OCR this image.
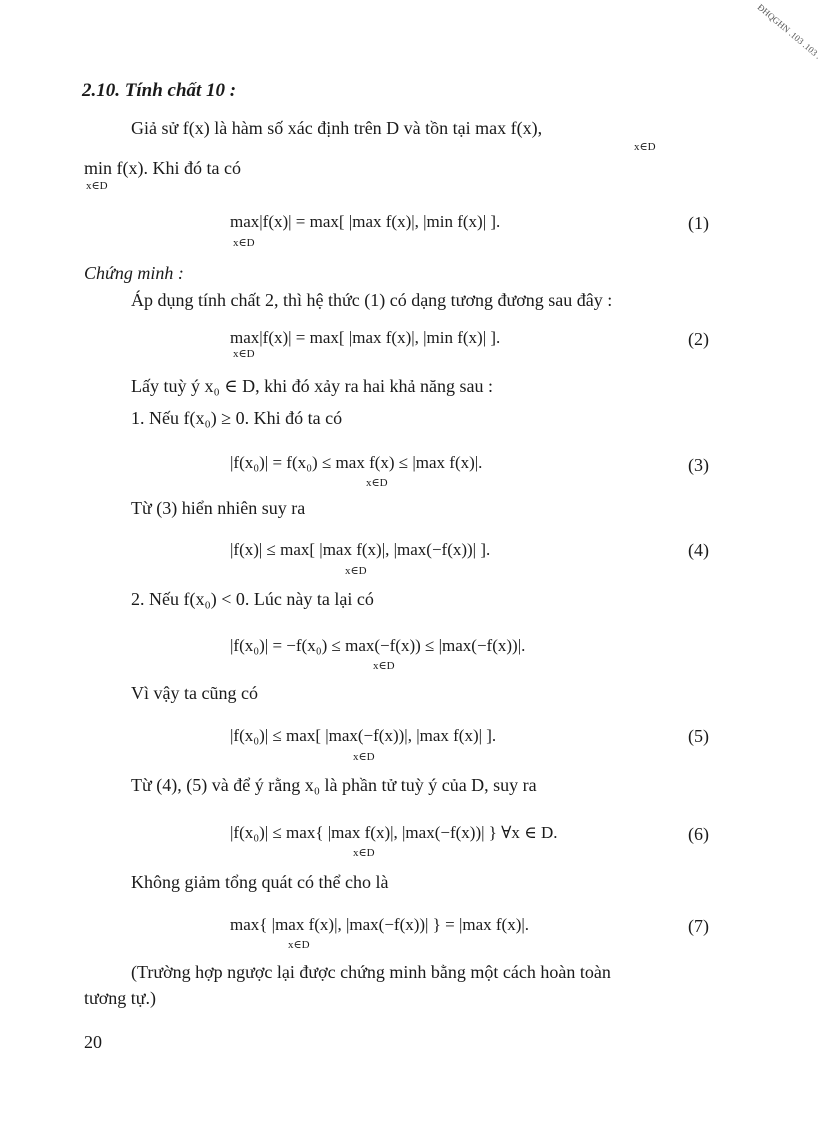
ĐHQGHN .103 .103 .
2.10. Tính chất 10 :
Giả sử f(x) là hàm số xác định trên D và tồn tại max f(x),
x∈D
min f(x). Khi đó ta có
x∈D
max|f(x)| = max[ |max f(x)|, |min f(x)| ].
x∈D
(1)
Chứng minh :
Áp dụng tính chất 2, thì hệ thức (1) có dạng tương đương sau đây :
max|f(x)| = max[ |max f(x)|, |min f(x)| ].
x∈D
(2)
Lấy tuỳ ý x₀ ∈ D, khi đó xảy ra hai khả năng sau :
1. Nếu f(x₀) ≥ 0. Khi đó ta có
|f(x₀)| = f(x₀) ≤ max f(x) ≤ |max f(x)|.
x∈D
(3)
Từ (3) hiển nhiên suy ra
|f(x)| ≤ max[ |max f(x)|, |max(−f(x))| ].
x∈D
(4)
2. Nếu f(x₀) < 0. Lúc này ta lại có
|f(x₀)| = −f(x₀) ≤ max(−f(x)) ≤ |max(−f(x))|.
x∈D
Vì vậy ta cũng có
|f(x₀)| ≤ max[ |max(−f(x))|, |max f(x)| ].
x∈D
(5)
Từ (4), (5) và để ý rằng x₀ là phần tử tuỳ ý của D, suy ra
|f(x₀)| ≤ max{ |max f(x)|, |max(−f(x))| } ∀x ∈ D.
x∈D
(6)
Không giảm tổng quát có thể cho là
max{ |max f(x)|, |max(−f(x))| } = |max f(x)|.
x∈D
(7)
(Trường hợp ngược lại được chứng minh bằng một cách hoàn toàn
tương tự.)
20
